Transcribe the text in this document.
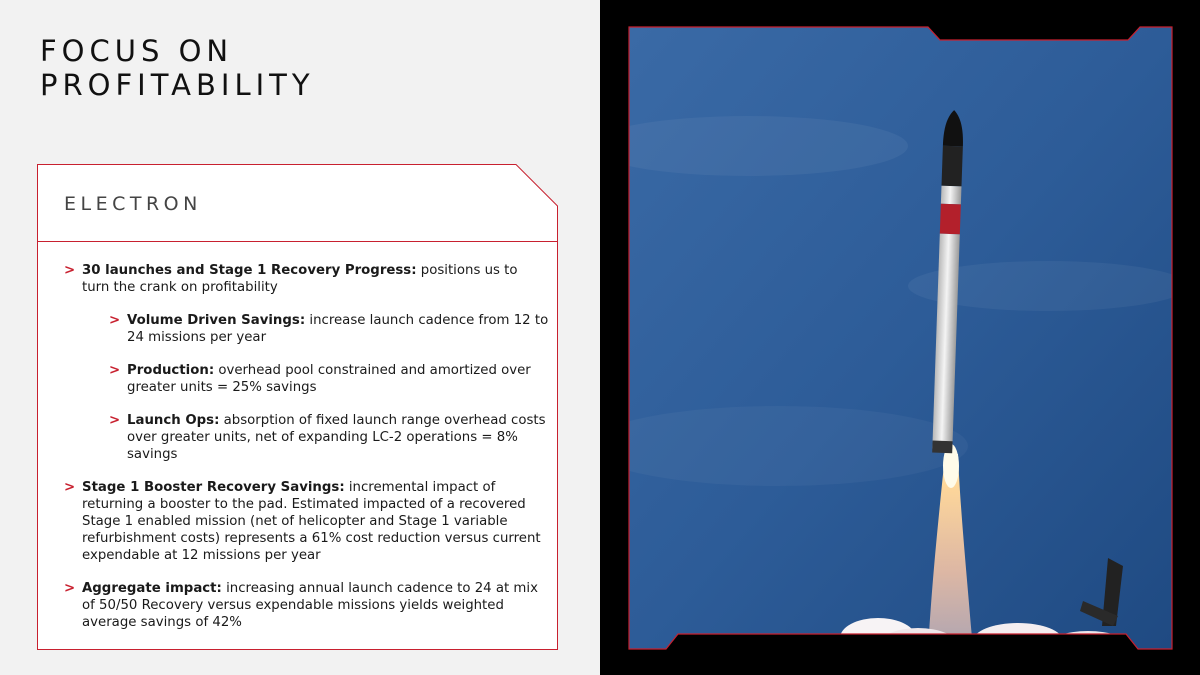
FOCUS ON PROFITABILITY
ELECTRON
> 30 launches and Stage 1 Recovery Progress: positions us to turn the crank on profitability
> Volume Driven Savings: increase launch cadence from 12 to 24 missions per year
> Production: overhead pool constrained and amortized over greater units = 25% savings
> Launch Ops: absorption of fixed launch range overhead costs over greater units, net of expanding LC-2 operations = 8% savings
> Stage 1 Booster Recovery Savings: incremental impact of returning a booster to the pad. Estimated impacted of a recovered Stage 1 enabled mission (net of helicopter and Stage 1 variable refurbishment costs) represents a 61% cost reduction versus current expendable at 12 missions per year
> Aggregate impact: increasing annual launch cadence to 24 at mix of 50/50 Recovery versus expendable missions yields weighted average savings of 42%
